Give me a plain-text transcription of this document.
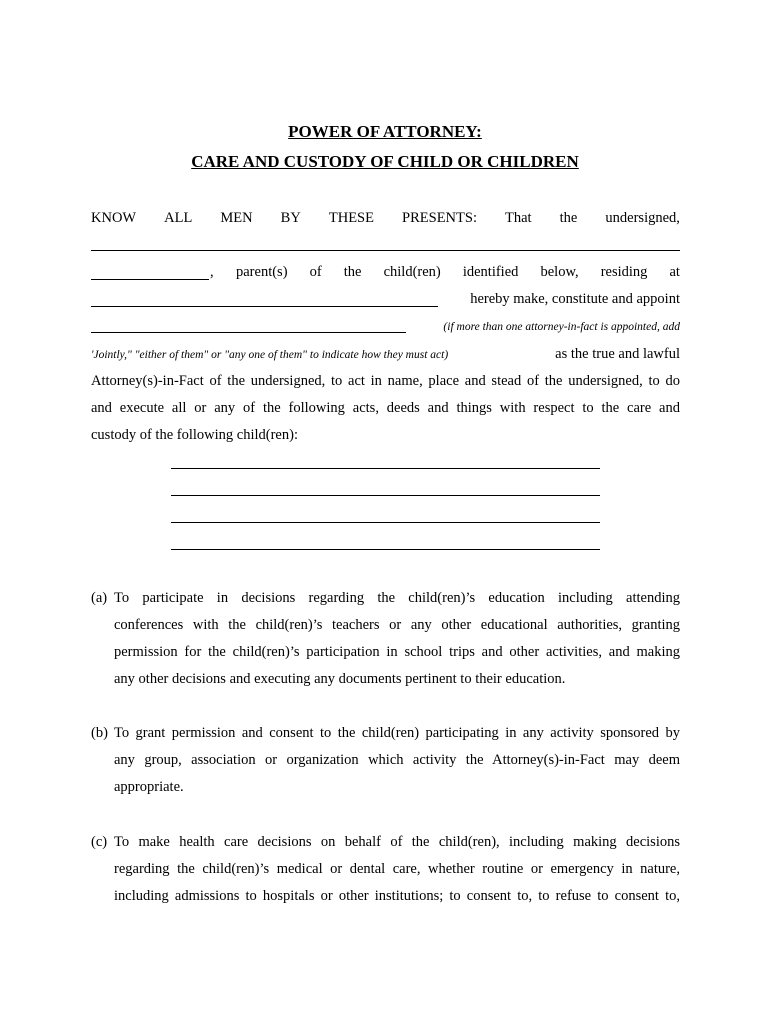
POWER OF ATTORNEY:
CARE AND CUSTODY OF CHILD OR CHILDREN
KNOW ALL MEN BY THESE PRESENTS: That the undersigned,
, parent(s) of the child(ren) identified below, residing at
hereby make, constitute and appoint
(if more than one attorney-in-fact is appointed, add
'Jointly," "either of them" or "any one of them" to indicate how they must act)	as the true and lawful
Attorney(s)-in-Fact of the undersigned, to act in name, place and stead of the undersigned, to do
and execute all or any of the following acts, deeds and things with respect to the care and
custody of the following child(ren):
(a) To participate in decisions regarding the child(ren)’s education including attending
conferences with the child(ren)’s teachers or any other educational authorities, granting
permission for the child(ren)’s participation in school trips and other activities, and making
any other decisions and executing any documents pertinent to their education.
(b) To grant permission and consent to the child(ren) participating in any activity sponsored by
any group, association or organization which activity the Attorney(s)-in-Fact may deem
appropriate.
(c) To make health care decisions on behalf of the child(ren), including making decisions
regarding the child(ren)’s medical or dental care, whether routine or emergency in nature,
including admissions to hospitals or other institutions; to consent to, to refuse to consent to,
